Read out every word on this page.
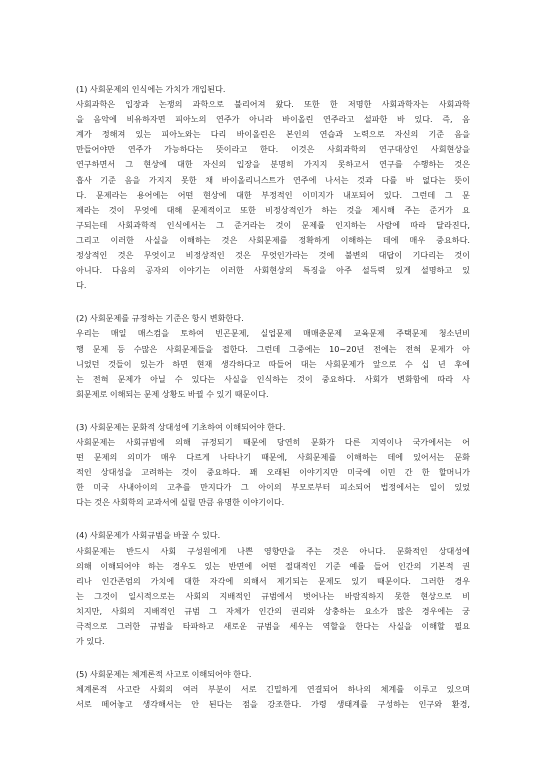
(1) 사회문제의 인식에는 가치가 개입된다.
사회과학은 입장과 논쟁의 과학으로 불리어져 왔다. 또한 한 저명한 사회과학자는 사회과학
을 음악에 비유하자면 피아노의 연주가 아니라 바이올린 연주라고 설파한 바 있다. 즉, 음
계가 정해져 있는 피아노와는 다리 바이올린은 본인의 연습과 노력으로 자신의 기준 음을
만들어야만 연주가 가능하다는 뜻이라고 한다. 이것은 사회과학의 연구대상인 사회현상을
연구하면서 그 현상에 대한 자신의 입장을 분명히 가지지 못하고서 연구를 수행하는 것은
흡사 기준 음을 가지지 못한 채 바이올리니스트가 연주에 나서는 것과 다를 바 없다는 뜻이
다. 문제라는 용어에는 어떤 현상에 대한 부정적인 이미지가 내포되어 있다. 그런데 그 문
제라는 것이 무엇에 대해 문제적이고 또한 비정상적인가 하는 것을 제시해 주는 준거가 요
구되는데 사회과학적 인식에서는 그 준거라는 것이 문제를 인지하는 사람에 따라 달라진다,
그리고 이러한 사실을 이해하는 것은 사회문제를 정확하게 이해하는 데에 매우 중요하다.
정상적인 것은 무엇이고 비정상적인 것은 무엇인가라는 것에 불변의 대답이 기다리는 것이
아니다. 다음의 공자의 이야기는 이러한 사회현상의 특징을 아주 설득력 있게 설명하고 있
다.
(2) 사회문제를 규정하는 기준은 항시 변화한다.
우리는 매일 매스컴을 토하여 빈곤문제, 실업문제 매매춘문제 교육문제 주택문제 청소년비
행 문제 등 수많은 사회문제들을 접한다. 그런데 그중에는 10~20년 전에는 전혀 문제가 아
니었던 것들이 있는가 하면 현재 생각하다고 따들어 대는 사회문제가 앞으로 수 십 년 후에
는 전혀 문제가 아닐 수 있다는 사실을 인식하는 것이 중요하다. 사회가 변화함에 따라 사
회문제로 이해되는 문제 상황도 바뀔 수 있기 때문이다.
(3) 사회문제는 문화적 상대성에 기초하여 이해되어야 한다.
사회문제는 사회규범에 의해 규정되기 때문에 당연히 문화가 다른 지역이나 국가에서는 어
떤 문제의 의미가 매우 다르게 나타나기 때문에, 사회문제를 이해하는 데에 있어서는 문화
적인 상대성을 고려하는 것이 중요하다. 꽤 오래된 이야기지만 미국에 이민 간 한 할머니가
한 미국 사내아이의 고추를 만지다가 그 아이의 부모로부터 피소되어 법정에서는 일이 있었
다는 것은 사회학의 교과서에 실릴 만큼 유명한 이야기이다.
(4) 사회문제가 사회규범을 바꿀 수 있다.
사회문제는 반드시 사회 구성원에게 나쁜 영향만을 주는 것은 아니다. 문화적인 상대성에
의해 이해되어야 하는 경우도 있는 반면에 어떤 절대적인 기준 예를 들어 인간의 기본적 권
리나 인간존엄의 가치에 대한 자각에 의해서 제기되는 문제도 있기 때문이다. 그러한 경우
는 그것이 일시적으로는 사회의 지배적인 규범에서 벗어나는 바람직하지 못한 현상으로 비
치지만, 사회의 지배적인 규범 그 자체가 인간의 권리와 상충하는 요소가 많은 경우에는 궁
극적으로 그러한 규범을 타파하고 새로운 규범을 세우는 역할을 한다는 사실을 이해할 필요
가 있다.
(5) 사회문제는 체계론적 사고로 이해되어야 한다.
체계론적 사고란 사회의 여러 부분이 서로 긴밀하게 연결되어 하나의 체계를 이루고 있으며
서로 떼어놓고 생각해서는 안 된다는 점을 강조한다. 가령 생태계를 구성하는 인구와 환경,
